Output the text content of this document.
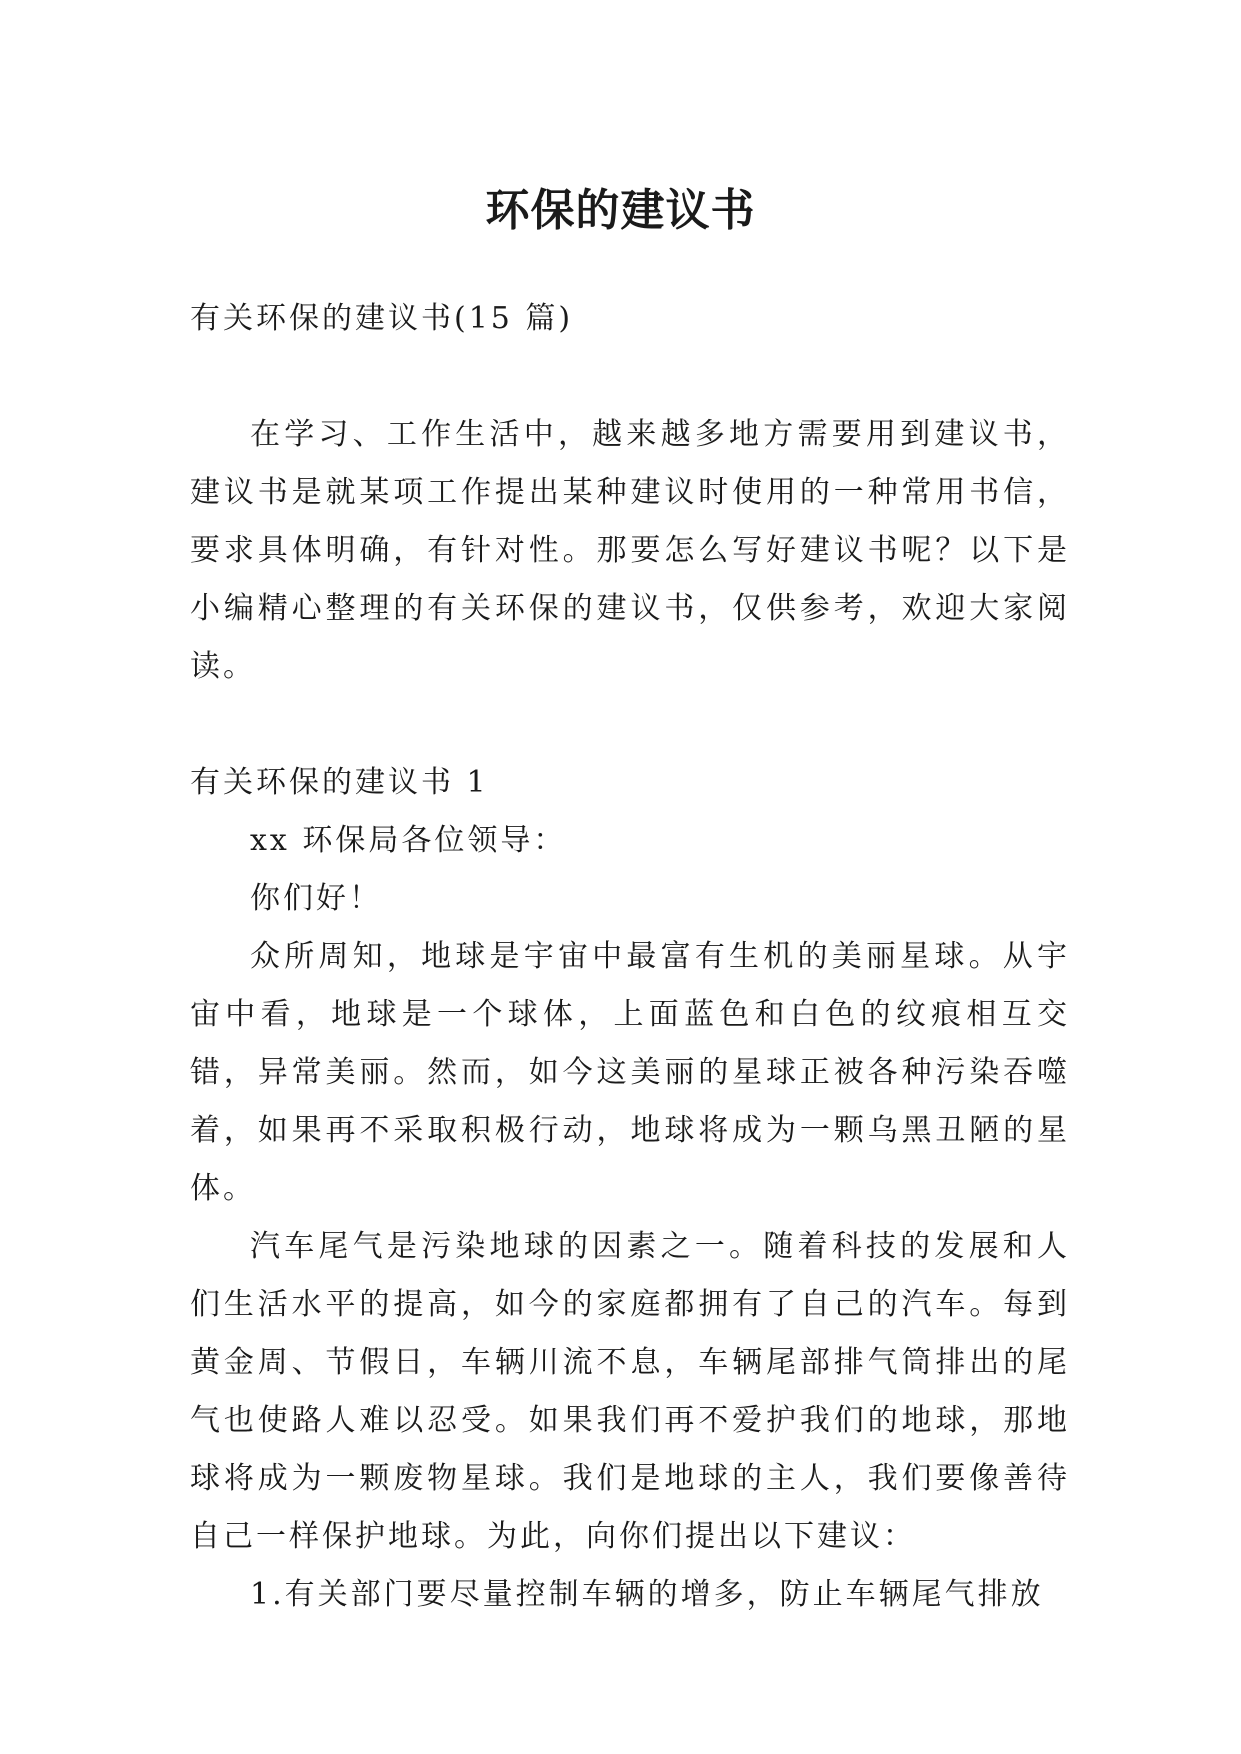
环保的建议书

有关环保的建议书(15 篇)

在学习、工作生活中，越来越多地方需要用到建议书，建议书是就某项工作提出某种建议时使用的一种常用书信，要求具体明确，有针对性。那要怎么写好建议书呢？以下是小编精心整理的有关环保的建议书，仅供参考，欢迎大家阅读。

有关环保的建议书 1

xx 环保局各位领导：

你们好！

众所周知，地球是宇宙中最富有生机的美丽星球。从宇宙中看，地球是一个球体，上面蓝色和白色的纹痕相互交错，异常美丽。然而，如今这美丽的星球正被各种污染吞噬着，如果再不采取积极行动，地球将成为一颗乌黑丑陋的星体。

汽车尾气是污染地球的因素之一。随着科技的发展和人们生活水平的提高，如今的家庭都拥有了自己的汽车。每到黄金周、节假日，车辆川流不息，车辆尾部排气筒排出的尾气也使路人难以忍受。如果我们再不爱护我们的地球，那地球将成为一颗废物星球。我们是地球的主人，我们要像善待自己一样保护地球。为此，向你们提出以下建议：

1.有关部门要尽量控制车辆的增多，防止车辆尾气排放
